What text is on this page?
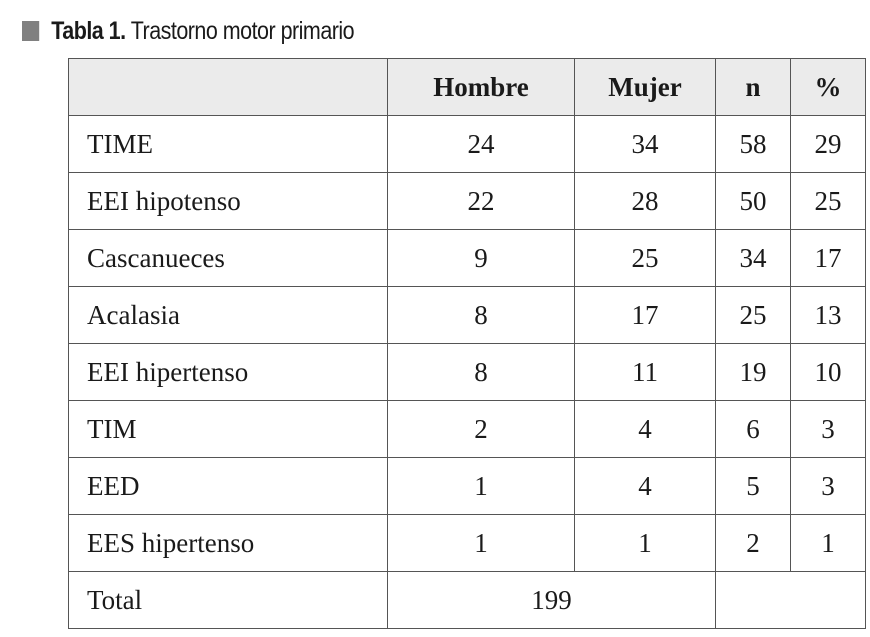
Tabla 1. Trastorno motor primario
	Hombre	Mujer	n	%
TIME	24	34	58	29
EEI hipotenso	22	28	50	25
Cascanueces	9	25	34	17
Acalasia	8	17	25	13
EEI hipertenso	8	11	19	10
TIM	2	4	6	3
EED	1	4	5	3
EES hipertenso	1	1	2	1
Total	199			
